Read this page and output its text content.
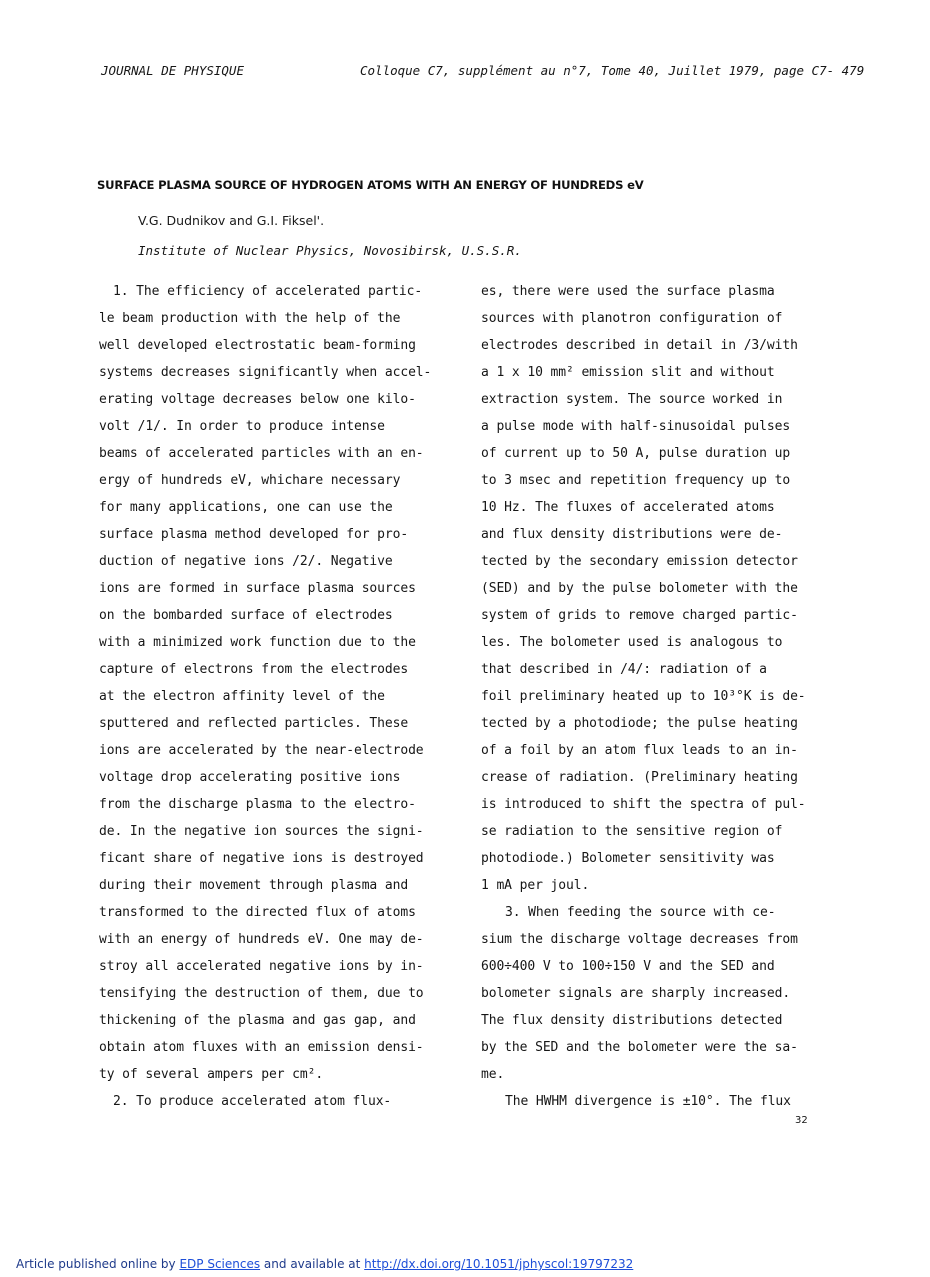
JOURNAL DE PHYSIQUE	Colloque C7, supplément au n°7, Tome 40, Juillet 1979, page C7- 479
SURFACE PLASMA SOURCE OF HYDROGEN ATOMS WITH AN ENERGY OF HUNDREDS eV
V.G. Dudnikov and G.I. Fiksel'.
Institute of Nuclear Physics, Novosibirsk, U.S.S.R.
1. The efficiency of accelerated partic-
le beam production with the help of the
well developed electrostatic beam-forming
systems decreases significantly when accel-
erating voltage decreases below one kilo-
volt /1/. In order to produce intense
beams of accelerated particles with an en-
ergy of hundreds eV, whichare necessary
for many applications, one can use the
surface plasma method developed for pro-
duction of negative ions /2/. Negative
ions are formed in surface plasma sources
on the bombarded surface of electrodes
with a minimized work function due to the
capture of electrons from the electrodes
at the electron affinity level of the
sputtered and reflected particles. These
ions are accelerated by the near-electrode
voltage drop accelerating positive ions
from the discharge plasma to the electro-
de. In the negative ion sources the signi-
ficant share of negative ions is destroyed
during their movement through plasma and
transformed to the directed flux of atoms
with an energy of hundreds eV. One may de-
stroy all accelerated negative ions by in-
tensifying the destruction of them, due to
thickening of the plasma and gas gap, and
obtain atom fluxes with an emission densi-
ty of several ampers per cm².
2. To produce accelerated atom flux-
es, there were used the surface plasma
sources with planotron configuration of
electrodes described in detail in /3/with
a 1 x 10 mm² emission slit and without
extraction system. The source worked in
a pulse mode with half-sinusoidal pulses
of current up to 50 A, pulse duration up
to 3 msec and repetition frequency up to
10 Hz. The fluxes of accelerated atoms
and flux density distributions were de-
tected by the secondary emission detector
(SED) and by the pulse bolometer with the
system of grids to remove charged partic-
les. The bolometer used is analogous to
that described in /4/: radiation of a
foil preliminary heated up to 10³°K is de-
tected by a photodiode; the pulse heating
of a foil by an atom flux leads to an in-
crease of radiation. (Preliminary heating
is introduced to shift the spectra of pul-
se radiation to the sensitive region of
photodiode.) Bolometer sensitivity was
1 mA per joul.
3. When feeding the source with ce-
sium the discharge voltage decreases from
600÷400 V to 100÷150 V and the SED and
bolometer signals are sharply increased.
The flux density distributions detected
by the SED and the bolometer were the sa-
me.
The HWHM divergence is ±10°. The flux
32
Article published online by EDP Sciences and available at http://dx.doi.org/10.1051/jphyscol:19797232
